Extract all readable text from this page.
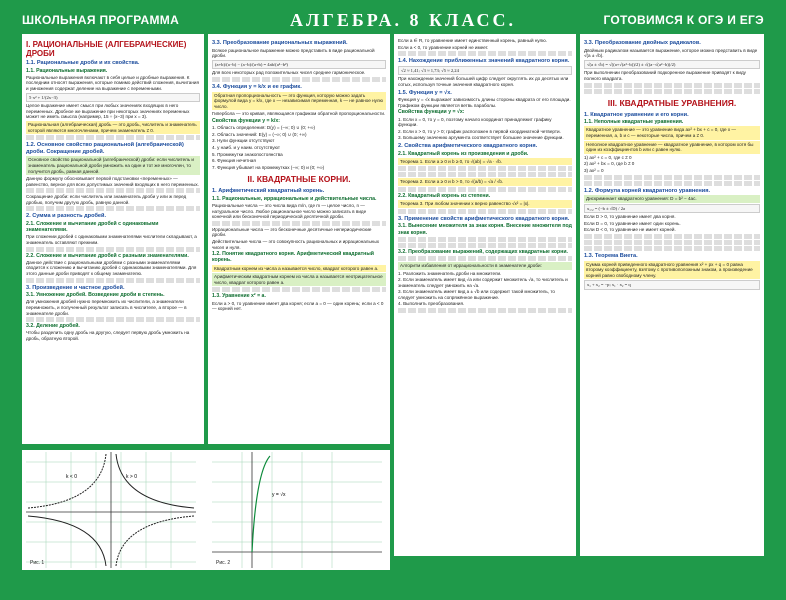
ШКОЛЬНАЯ ПРОГРАММА	АЛГЕБРА. 8 КЛАСС.	ГОТОВИМСЯ К ОГЭ И ЕГЭ
I. РАЦИОНАЛЬНЫЕ (АЛГЕБРАИЧЕСКИЕ) ДРОБИ
1.1. Рациональные дроби и их свойства.
1.1. Рациональные выражения.
Рациональные выражения включают в себя целые и дробные выражения. К последним относят выражения, которые помимо действий сложения, вычитания и умножения содержат деление на выражение с переменными.
5·x² + 1/(2x−3)
Целое выражение имеет смысл при любых значениях входящих в него переменных. Дробное же выражение при некоторых значениях переменных может не иметь смысла (например, 15 ÷ (x−3) при x = 3).
Рациональная (алгебраическая) дробь — это дробь, числитель и знаменатель которой являются многочленами, причем знаменатель ≠ 0.
1.2. Основное свойство рациональной (алгебраической) дроби. Сокращение дробей.
Основное свойство рациональной (алгебраической) дроби: если числитель и знаменатель рациональной дроби умножить на один и тот же многочлен, то получится дробь, равная данной.
Данную формулу обосновывает первой подстановки «переменных» — равенство, верное для всех допустимых значений входящих в него переменных.
Сокращение дроби: если числитель или знаменатель дроби у или ж перед дробью, получим другую дробь, равную данной.
2. Сумма и разность дробей.
2.1. Сложение и вычитание дробей с одинаковыми знаменателями.
При сложении дробей с одинаковыми знаменателями числители складывают, а знаменатель оставляют прежним.
2.2. Сложение и вычитание дробей с разными знаменателями.
Данное действие с рациональными дробями с разными знаменателями сводится к сложению и вычитанию дробей с одинаковыми знаменателями. Для этого данные дроби приводят к общему знаменателю.
3. Произведение и частное дробей.
3.1. Умножение дробей. Возведение дроби в степень.
Для умножения дробей нужно перемножить их числители, а знаменатели перемножить, и полученный результат записать в числителе, а второе — в знаменателе дроби.
3.2. Деление дробей.
Чтобы разделить одну дробь на другую, следует первую дробь умножить на дробь, обратную второй.
3.3. Преобразование рациональных выражений.
Всякое рациональное выражение можно представить в виде рациональной дроби.
(a+b)/(a−b) − (a−b)/(a+b) = 4ab/(a²−b²)
Для всех некоторых рад положительных чисел среднее гармоническое.
3.4. Функция y = k/x и ее график.
Обратная пропорциональность — это функция, которую можно задать формулой вида y = k/x, где x — независимая переменная, k — не равное нулю число.
Гипербола — это кривая, являющаяся графиком обратной пропорциональности.
Свойства функции y = k/x:
1. Область определения: D(y) = (−∞; 0) ∪ (0; +∞)
2. Область значений: E(y) = (−∞; 0) ∪ (0; +∞)
3. Нули функции отсутствуют
4. y наиб. и y наим. отсутствуют
5. Промежутки знакопостоянства
6. Функция нечетная
7. Функция убывает на промежутках (−∞; 0) и (0; +∞)
II. КВАДРАТНЫЕ КОРНИ.
1. Арифметический квадратный корень.
1.1. Рациональные, иррациональные и действительные числа.
Рациональные числа — это числа вида m/n, где m — целое число, n — натуральное число. Любое рациональное число можно записать в виде конечной или бесконечной периодической десятичной дроби.
Иррациональные числа — это бесконечные десятичные непериодические дроби.
Действительные числа — это совокупность рациональных и иррациональных чисел и нуля.
1.2. Понятие квадратного корня. Арифметический квадратный корень.
Квадратным корнем из числа a называется число, квадрат которого равен a.
Арифметическим квадратным корнем из числа a называется неотрицательное число, квадрат которого равен a.
1.3. Уравнение x² = a.
Если a > 0, то уравнение имеет два корня; если a = 0 — один корень; если a < 0 — корней нет.
k > 0
k < 0
Рис. 1
y = √x
Рис. 2
Если a ∈ R, то уравнение имеет единственный корень, равный нулю.
Если a < 0, то уравнение корней не имеет.
1.4. Нахождение приближенных значений квадратного корня.
√2 ≈ 1,41; √3 ≈ 1,73; √5 ≈ 2,24
При нахождении значений большей цифр следует округлять их до десятых или сотых, используя точные значения квадратного корня.
1.5. Функция y = √x.
Функция y = √x выражает зависимость длины стороны квадрата от его площади. Графиком функции является ветвь параболы.
Свойства функции y = √x:
1. Если x = 0, то y = 0, поэтому начало координат принадлежит графику функции.
2. Если x > 0, то y > 0; график расположен в первой координатной четверти.
3. Большему значению аргумента соответствует большее значение функции.
2. Свойства арифметического квадратного корня.
2.1. Квадратный корень из произведения и дроби.
Теорема 1. Если a ≥ 0 и b ≥ 0, то √(ab) = √a · √b.
Теорема 2. Если a ≥ 0 и b > 0, то √(a/b) = √a / √b.
2.2. Квадратный корень из степени.
Теорема 3. При любом значении x верно равенство √x² = |x|.
3. Применение свойств арифметического квадратного корня.
3.1. Вынесение множителя за знак корня. Внесение множителя под знак корня.
3.2. Преобразование выражений, содержащих квадратные корни.
Алгоритм избавления от иррациональности в знаменателе дроби:
1. Разложить знаменатель дроби на множители.
2. Если знаменатель имеет вид √a или содержит множитель √a, то числитель и знаменатель следует умножить на √a.
3. Если знаменатель имеет вид a ± √b или содержит такой множитель, то следует умножить на сопряжённое выражение.
4. Выполнить преобразования.
3.3. Преобразование двойных радикалов.
Двойным радикалом называется выражение, которое можно представить в виде √(a ± √b).
√(a ± √b) = √((a+√(a²−b))/2) ± √((a−√(a²−b))/2)
При выполнении преобразований подкоренное выражение приводят к виду полного квадрата.
III. КВАДРАТНЫЕ УРАВНЕНИЯ.
1. Квадратное уравнение и его корни.
1.1. Неполные квадратные уравнения.
Квадратное уравнение — это уравнение вида ax² + bx + c = 0, где x — переменная, a, b и c — некоторые числа, причем a ≠ 0.
Неполное квадратное уравнение — квадратное уравнение, в котором хотя бы один из коэффициентов b или c равен нулю.
1) ax² + c = 0, где c ≠ 0
2) ax² + bx = 0, где b ≠ 0
3) ax² = 0
1.2. Формула корней квадратного уравнения.
Дискриминант квадратного уравнения: D = b² − 4ac.
x₁,₂ = (−b ± √D) / 2a
Если D > 0, то уравнение имеет два корня.
Если D = 0, то уравнение имеет один корень.
Если D < 0, то уравнение не имеет корней.
1.3. Теорема Виета.
Сумма корней приведенного квадратного уравнения x² + px + q = 0 равна второму коэффициенту, взятому с противоположным знаком, а произведение корней равно свободному члену.
x₁ + x₂ = −p; x₁ · x₂ = q
